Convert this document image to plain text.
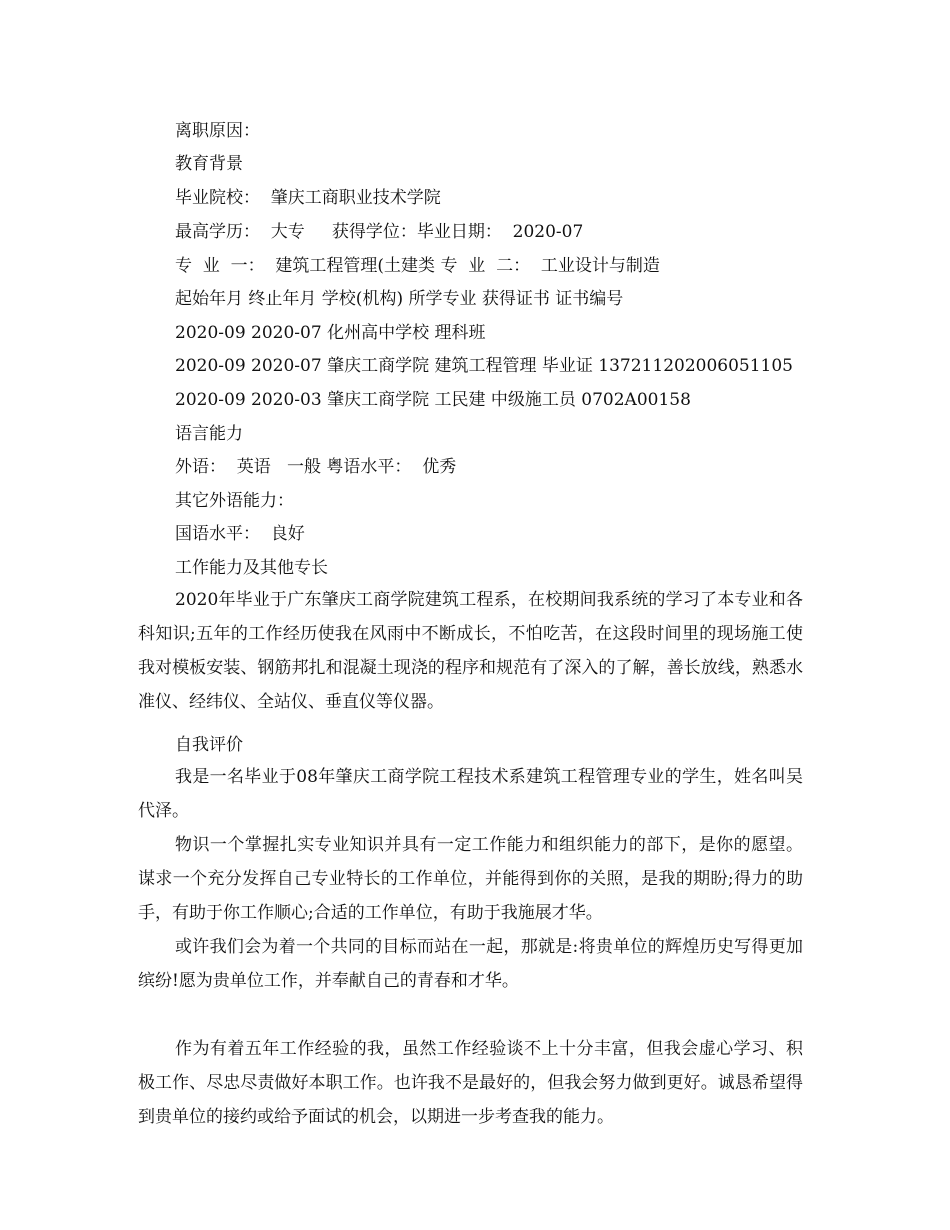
离职原因：
教育背景
毕业院校：  肇庆工商职业技术学院
最高学历：  大专     获得学位：毕业日期：  2020-07
专  业  一：  建筑工程管理(土建类 专  业  二：  工业设计与制造
起始年月 终止年月 学校(机构) 所学专业 获得证书 证书编号
2020-09 2020-07 化州高中学校 理科班
2020-09 2020-07 肇庆工商学院 建筑工程管理 毕业证 137211202006051105
2020-09 2020-03 肇庆工商学院 工民建 中级施工员 0702A00158
语言能力
外语：  英语   一般 粤语水平：  优秀
其它外语能力：
国语水平：  良好
工作能力及其他专长
2020年毕业于广东肇庆工商学院建筑工程系，在校期间我系统的学习了本专业和各科知识;五年的工作经历使我在风雨中不断成长，不怕吃苦，在这段时间里的现场施工使我对模板安装、钢筋邦扎和混凝土现浇的程序和规范有了深入的了解，善长放线，熟悉水准仪、经纬仪、全站仪、垂直仪等仪器。
自我评价
我是一名毕业于08年肇庆工商学院工程技术系建筑工程管理专业的学生，姓名叫吴代泽。
物识一个掌握扎实专业知识并具有一定工作能力和组织能力的部下，是你的愿望。谋求一个充分发挥自己专业特长的工作单位，并能得到你的关照，是我的期盼;得力的助手，有助于你工作顺心;合适的工作单位，有助于我施展才华。
或许我们会为着一个共同的目标而站在一起，那就是:将贵单位的辉煌历史写得更加缤纷!愿为贵单位工作，并奉献自己的青春和才华。
作为有着五年工作经验的我，虽然工作经验谈不上十分丰富，但我会虚心学习、积极工作、尽忠尽责做好本职工作。也许我不是最好的，但我会努力做到更好。诚恳希望得到贵单位的接约或给予面试的机会，以期进一步考查我的能力。
